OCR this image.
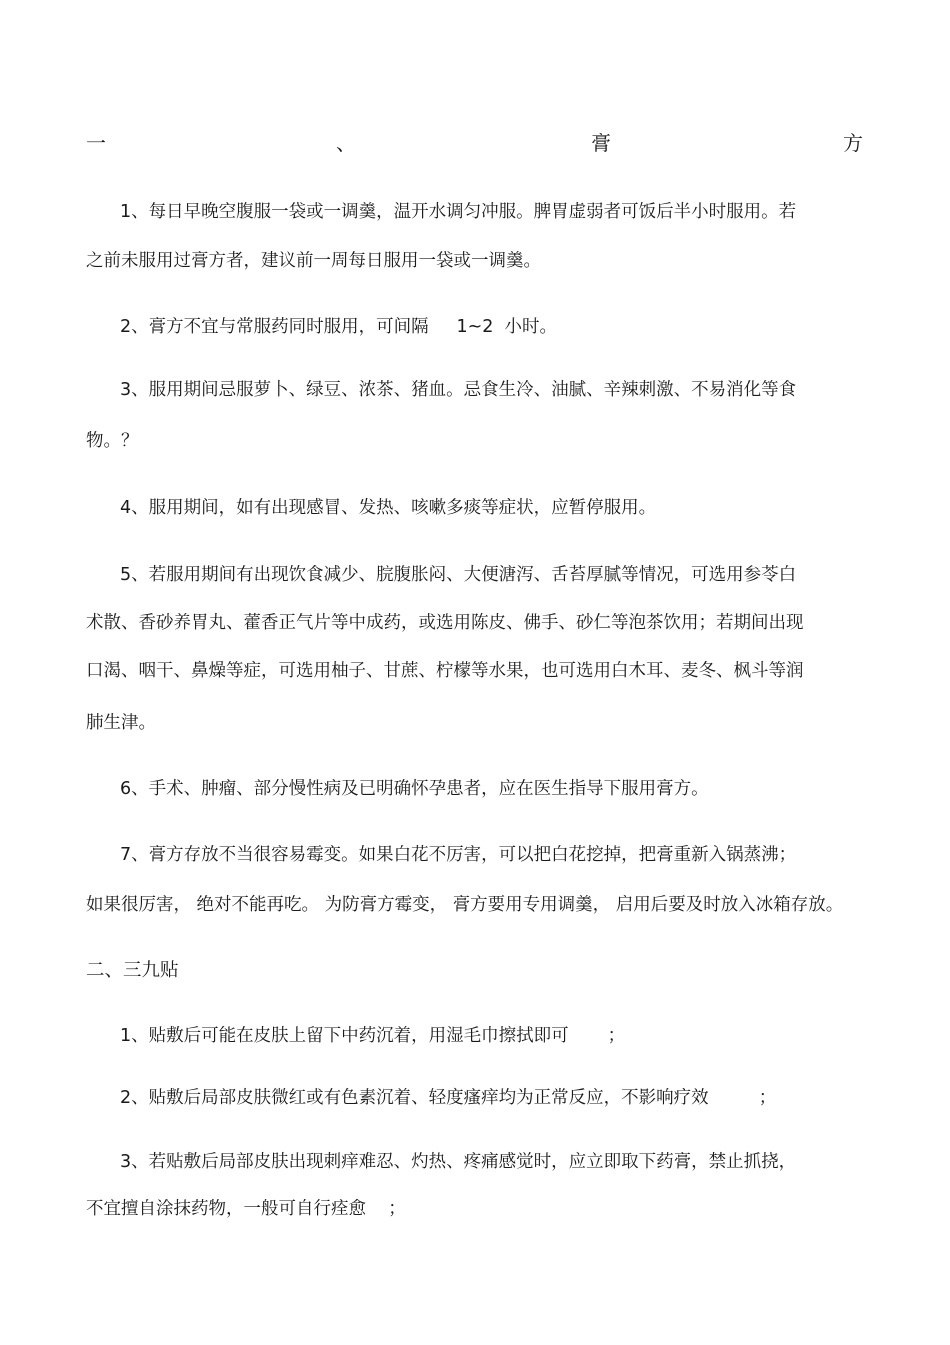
一	、	膏	方
1、每日早晚空腹服一袋或一调羹，温开水调匀冲服。脾胃虚弱者可饭后半小时服用。若
之前未服用过膏方者，建议前一周每日服用一袋或一调羹。
2、膏方不宜与常服药同时服用，可间隔     1~2  小时。
3、服用期间忌服萝卜、绿豆、浓茶、猪血。忌食生冷、油腻、辛辣刺激、不易消化等食
物。？
4、服用期间，如有出现感冒、发热、咳嗽多痰等症状，应暂停服用。
5、若服用期间有出现饮食减少、脘腹胀闷、大便溏泻、舌苔厚腻等情况，可选用参苓白
术散、香砂养胃丸、藿香正气片等中成药，或选用陈皮、佛手、砂仁等泡茶饮用；若期间出现
口渴、咽干、鼻燥等症，可选用柚子、甘蔗、柠檬等水果，也可选用白木耳、麦冬、枫斗等润
肺生津。
6、手术、肿瘤、部分慢性病及已明确怀孕患者，应在医生指导下服用膏方。
7、膏方存放不当很容易霉变。如果白花不厉害，可以把白花挖掉，把膏重新入锅蒸沸；
如果很厉害， 绝对不能再吃。 为防膏方霉变， 膏方要用专用调羹， 启用后要及时放入冰箱存放。
二、三九贴
1、贴敷后可能在皮肤上留下中药沉着，用湿毛巾擦拭即可       ；
2、贴敷后局部皮肤微红或有色素沉着、轻度瘙痒均为正常反应，不影响疗效         ；
3、若贴敷后局部皮肤出现刺痒难忍、灼热、疼痛感觉时，应立即取下药膏，禁止抓挠，
不宜擅自涂抹药物，一般可自行痊愈    ；
